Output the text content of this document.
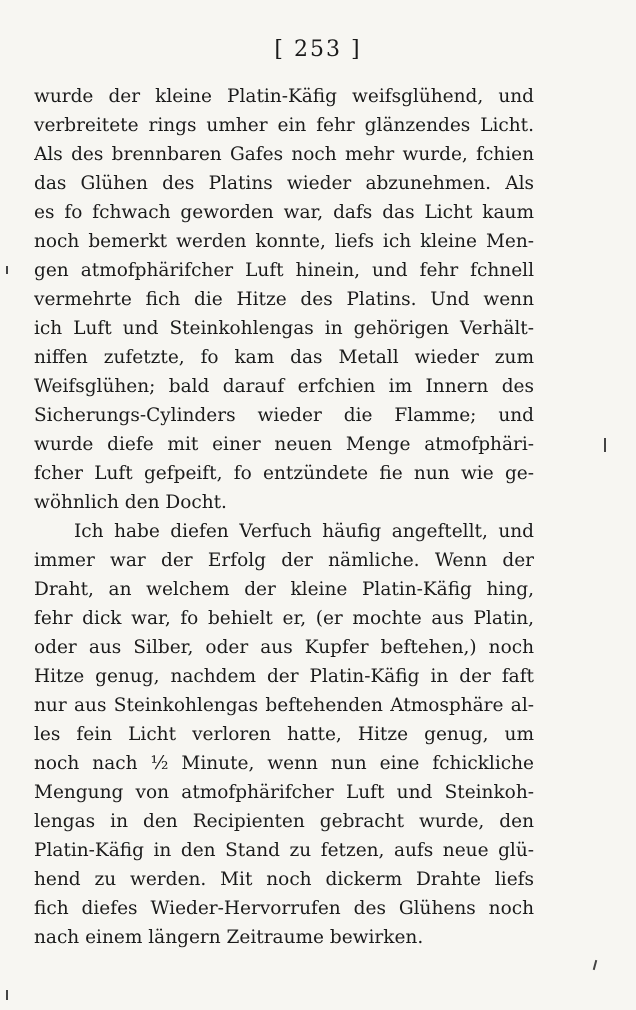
[ 253 ]
wurde der kleine Platin-Käfig weifsglühend, und
verbreitete rings umher ein fehr glänzendes Licht.
Als des brennbaren Gafes noch mehr wurde, fchien
das Glühen des Platins wieder abzunehmen. Als
es fo fchwach geworden war, dafs das Licht kaum
noch bemerkt werden konnte, liefs ich kleine Men-
gen atmofphärifcher Luft hinein, und fehr fchnell
vermehrte fich die Hitze des Platins. Und wenn
ich Luft und Steinkohlengas in gehörigen Verhält-
niffen zufetzte, fo kam das Metall wieder zum
Weifsglühen; bald darauf erfchien im Innern des
Sicherungs-Cylinders wieder die Flamme; und
wurde diefe mit einer neuen Menge atmofphäri-
fcher Luft gefpeift, fo entzündete fie nun wie ge-
wöhnlich den Docht.
Ich habe diefen Verfuch häufig angeftellt, und
immer war der Erfolg der nämliche. Wenn der
Draht, an welchem der kleine Platin-Käfig hing,
fehr dick war, fo behielt er, (er mochte aus Platin,
oder aus Silber, oder aus Kupfer beftehen,) noch
Hitze genug, nachdem der Platin-Käfig in der faft
nur aus Steinkohlengas beftehenden Atmosphäre al-
les fein Licht verloren hatte, Hitze genug, um
noch nach ½ Minute, wenn nun eine fchickliche
Mengung von atmofphärifcher Luft und Steinkoh-
lengas in den Recipienten gebracht wurde, den
Platin-Käfig in den Stand zu fetzen, aufs neue glü-
hend zu werden. Mit noch dickerm Drahte liefs
fich diefes Wieder-Hervorrufen des Glühens noch
nach einem längern Zeitraume bewirken.
